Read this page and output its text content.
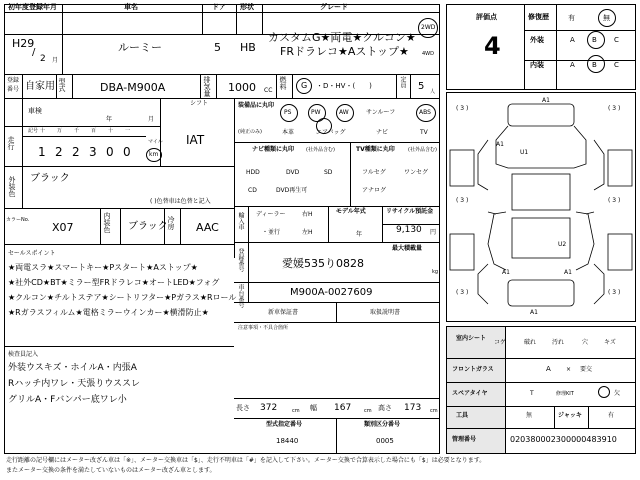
初年度登録年月	車名	ドア 形状	グレード
H29
/
2 月
ルーミー	5 HB
カスタムG★両電★クルコン★
FRドラレコ★Aストップ★
2WD
4WD
登録
番号 自家用 型式	DBA-M900A	排気量 1000 CC
燃料 G ・D・HV・(　　)	定員 5 人
車検
年	月
シフト
IAT
走行
記号 十 万 千 百 十 一
1 2 2 3 0 0
マイル
km
外装色 ブラック
( )色替車は色替と記入
カラーNo.
X07	内装色 ブラック 冷房 AAC
セールスポイント
★両電スラ★スマートキー★Pスタート★Aストップ★
★社外CD★BT★ミラー型FRドラレコ★オートLED★フォグ
★クルコン★チルトステア★シートリフター★Pガラス★Rロール
★Rガラスフィルム★電格ミラーウインカー★横滑防止★
検査員記入
外装ウスキズ・ホイルA・内張A
Rハッチ内ワレ・天張りウススレ
グリルA・Fバンパー底ワレ小
装備品に丸印
(純正のみ)
PS	PW	AW	サンルーフ	ABS
本革	エアバッグ	ナビ	TV
ナビ種類に丸印 (社外品含む)
HDD	DVD	SD
CD	DVD再生可
TV種類に丸印	(社外品含む)
フルセグ	ワンセグ
アナログ
輸入車 ディーラー
・並行
右H
左H
モデル年式
年
リサイクル預託金
9,130 円
最大積載量
kg
登録番号	愛媛535り0828
車台番号	M900A-0027609
新車保証書	取扱説明書
注意事項・不具合箇所
長さ 372	cm 幅 167	cm 高さ 173 cm
型式指定番号
18440
類別区分番号
0005
評価点
4
修復歴	有	無
外装	A B C
内装	A B C
A1
( 3 )	( 3 )
( 3 )	( 3 )
( 3 )	( 3 )
A1
U1
U2
A1	A1
A1
室内シート
コゲ	破れ	汚れ	穴	キズ
フロントガラス	A	× 要交
スペアタイヤ	T	修理KIT	欠
工具	無	ジャッキ	有
管理番号	020380002300000483910
走行距離の記号欄にはメーター改ざん車は「※」、メーター交換車は「$」、走行不明車は「#」を記入して下さい。メーター交換で合算表示した場合にも「$」は必要となります。
またメーター交換の条件を満たしていないものはメーター改ざん車とします。
